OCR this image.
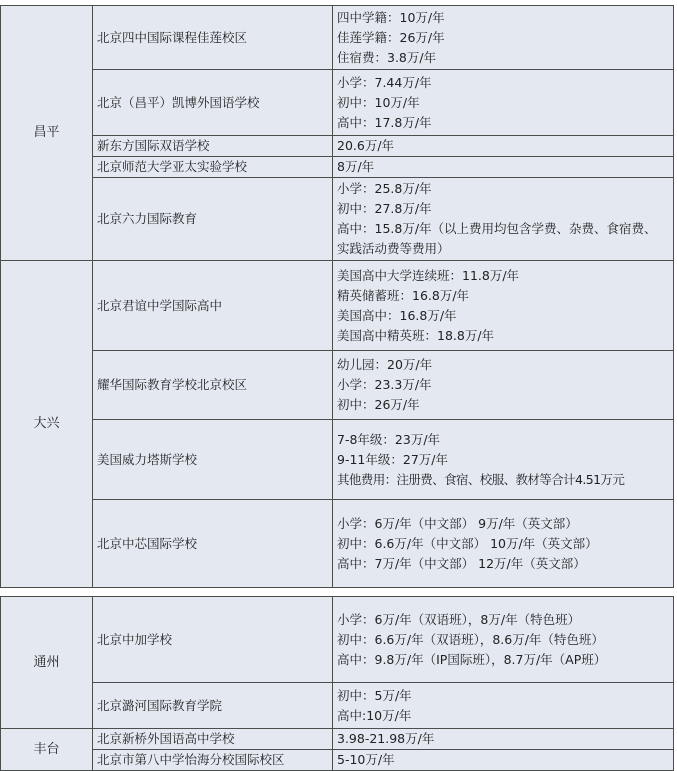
昌平	北京四中国际课程佳莲校区	四中学籍：10万/年
佳莲学籍：26万/年
住宿费：3.8万/年

	北京（昌平）凯博外国语学校	小学：7.44万/年
初中：10万/年
高中：17.8万/年

	新东方国际双语学校	20.6万/年

	北京师范大学亚太实验学校	8万/年

	北京六力国际教育	小学：25.8万/年
初中：27.8万/年
高中：15.8万/年（以上费用均包含学费、杂费、食宿费、实践活动费等费用）

大兴	北京君谊中学国际高中	美国高中大学连续班：11.8万/年
精英储蓄班：16.8万/年
美国高中：16.8万/年
美国高中精英班：18.8万/年

	耀华国际教育学校北京校区	幼儿园：20万/年
小学：23.3万/年
初中：26万/年

	美国威力塔斯学校	7-8年级：23万/年
9-11年级：27万/年
其他费用：注册费、食宿、校服、教材等合计4.51万元

	北京中芯国际学校	小学：6万/年（中文部） 9万/年（英文部）
初中：6.6万/年（中文部） 10万/年（英文部）
高中：7万/年（中文部） 12万/年（英文部）
通州	北京中加学校	小学：6万/年（双语班），8万/年（特色班）
初中：6.6万/年（双语班），8.6万/年（特色班）
高中：9.8万/年（IP国际班），8.7万/年（AP班）

	北京潞河国际教育学院	初中：5万/年
高中:10万/年

丰台	北京新桥外国语高中学校	3.98-21.98万/年

	北京市第八中学怡海分校国际校区	5-10万/年
